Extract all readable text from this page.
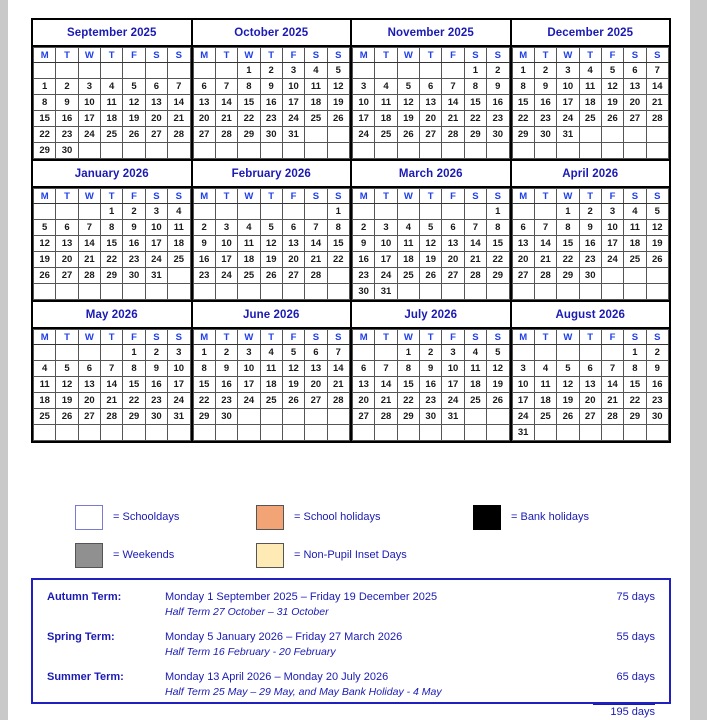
September 2025
M	T	W	T	F	S	S

1	2	3	4	5	6	7
8	9	10	11	12	13	14
15	16	17	18	19	20	21
22	23	24	25	26	27	28
29	30					
October 2025
M	T	W	T	F	S	S
		1	2	3	4	5
6	7	8	9	10	11	12
13	14	15	16	17	18	19
20	21	22	23	24	25	26
27	28	29	30	31		

November 2025
M	T	W	T	F	S	S
					1	2
3	4	5	6	7	8	9
10	11	12	13	14	15	16
17	18	19	20	21	22	23
24	25	26	27	28	29	30

December 2025
M	T	W	T	F	S	S
1	2	3	4	5	6	7
8	9	10	11	12	13	14
15	16	17	18	19	20	21
22	23	24	25	26	27	28
29	30	31				

January 2026
M	T	W	T	F	S	S
			1	2	3	4
5	6	7	8	9	10	11
12	13	14	15	16	17	18
19	20	21	22	23	24	25
26	27	28	29	30	31	

February 2026
M	T	W	T	F	S	S
						1
2	3	4	5	6	7	8
9	10	11	12	13	14	15
16	17	18	19	20	21	22
23	24	25	26	27	28	

March 2026
M	T	W	T	F	S	S
						1
2	3	4	5	6	7	8
9	10	11	12	13	14	15
16	17	18	19	20	21	22
23	24	25	26	27	28	29
30	31					
April 2026
M	T	W	T	F	S	S
		1	2	3	4	5
6	7	8	9	10	11	12
13	14	15	16	17	18	19
20	21	22	23	24	25	26
27	28	29	30			

May 2026
M	T	W	T	F	S	S
				1	2	3
4	5	6	7	8	9	10
11	12	13	14	15	16	17
18	19	20	21	22	23	24
25	26	27	28	29	30	31

June 2026
M	T	W	T	F	S	S
1	2	3	4	5	6	7
8	9	10	11	12	13	14
15	16	17	18	19	20	21
22	23	24	25	26	27	28
29	30					

July 2026
M	T	W	T	F	S	S
		1	2	3	4	5
6	7	8	9	10	11	12
13	14	15	16	17	18	19
20	21	22	23	24	25	26
27	28	29	30	31		

August 2026
M	T	W	T	F	S	S
					1	2
3	4	5	6	7	8	9
10	11	12	13	14	15	16
17	18	19	20	21	22	23
24	25	26	27	28	29	30
31						
= Schooldays	= School holidays	= Bank holidays
= Weekends	= Non-Pupil Inset Days
Autumn Term:	Monday 1 September 2025 – Friday 19 December 2025
Half Term 27 October – 31 October
75 days
Spring Term:	Monday 5 January 2026 – Friday 27 March 2026
Half Term 16 February - 20 February
55 days
Summer Term:	Monday 13 April 2026 – Monday 20 July 2026
Half Term 25 May – 29 May, and May Bank Holiday - 4 May
65 days
195 days
